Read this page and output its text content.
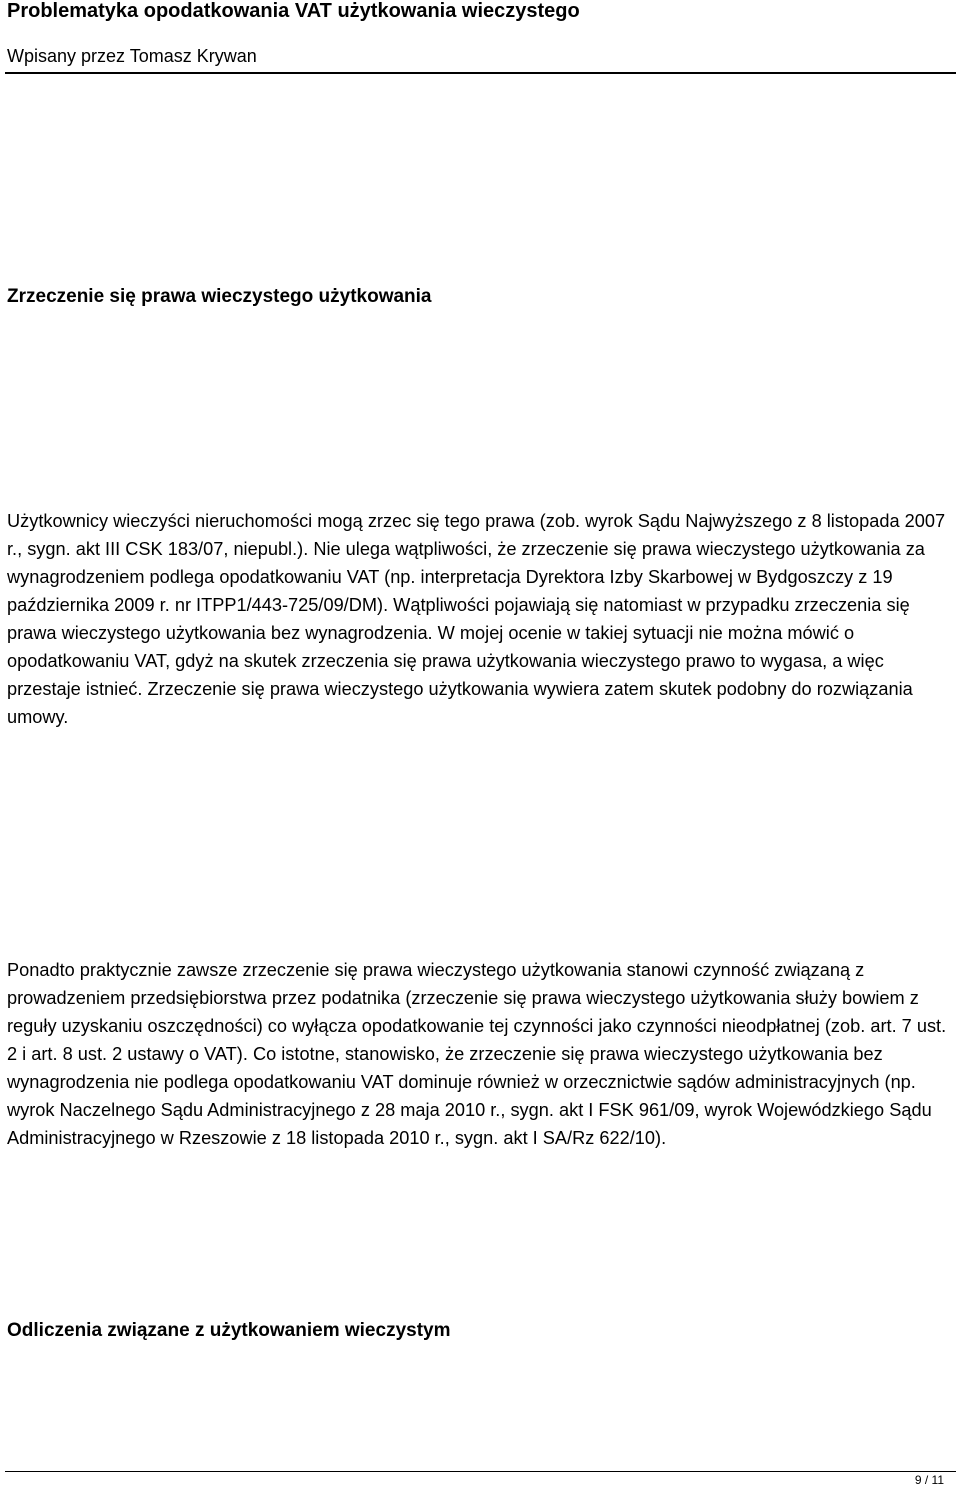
Problematyka opodatkowania VAT użytkowania wieczystego
Wpisany przez Tomasz Krywan
Zrzeczenie się prawa wieczystego użytkowania

Użytkownicy wieczyści nieruchomości mogą zrzec się tego prawa (zob. wyrok Sądu Najwyższego z 8 listopada 2007 r., sygn. akt III CSK 183/07, niepubl.). Nie ulega wątpliwości, że zrzeczenie się prawa wieczystego użytkowania za wynagrodzeniem podlega opodatkowaniu VAT (np. interpretacja Dyrektora Izby Skarbowej w Bydgoszczy z 19 października 2009 r. nr ITPP1/443-725/09/DM). Wątpliwości pojawiają się natomiast w przypadku zrzeczenia się prawa wieczystego użytkowania bez wynagrodzenia. W mojej ocenie w takiej sytuacji nie można mówić o opodatkowaniu VAT, gdyż na skutek zrzeczenia się prawa użytkowania wieczystego prawo to wygasa, a więc przestaje istnieć. Zrzeczenie się prawa wieczystego użytkowania wywiera zatem skutek podobny do rozwiązania umowy.

Ponadto praktycznie zawsze zrzeczenie się prawa wieczystego użytkowania stanowi czynność związaną z prowadzeniem przedsiębiorstwa przez podatnika (zrzeczenie się prawa wieczystego użytkowania służy bowiem z reguły uzyskaniu oszczędności) co wyłącza opodatkowanie tej czynności jako czynności nieodpłatnej (zob. art. 7 ust. 2 i art. 8 ust. 2 ustawy o VAT). Co istotne, stanowisko, że zrzeczenie się prawa wieczystego użytkowania bez wynagrodzenia nie podlega opodatkowaniu VAT dominuje również w orzecznictwie sądów administracyjnych (np. wyrok Naczelnego Sądu Administracyjnego z 28 maja 2010 r., sygn. akt I FSK 961/09, wyrok Wojewódzkiego Sądu Administracyjnego w Rzeszowie z 18 listopada 2010 r., sygn. akt I SA/Rz 622/10).

Odliczenia związane z użytkowaniem wieczystym
9 / 11
